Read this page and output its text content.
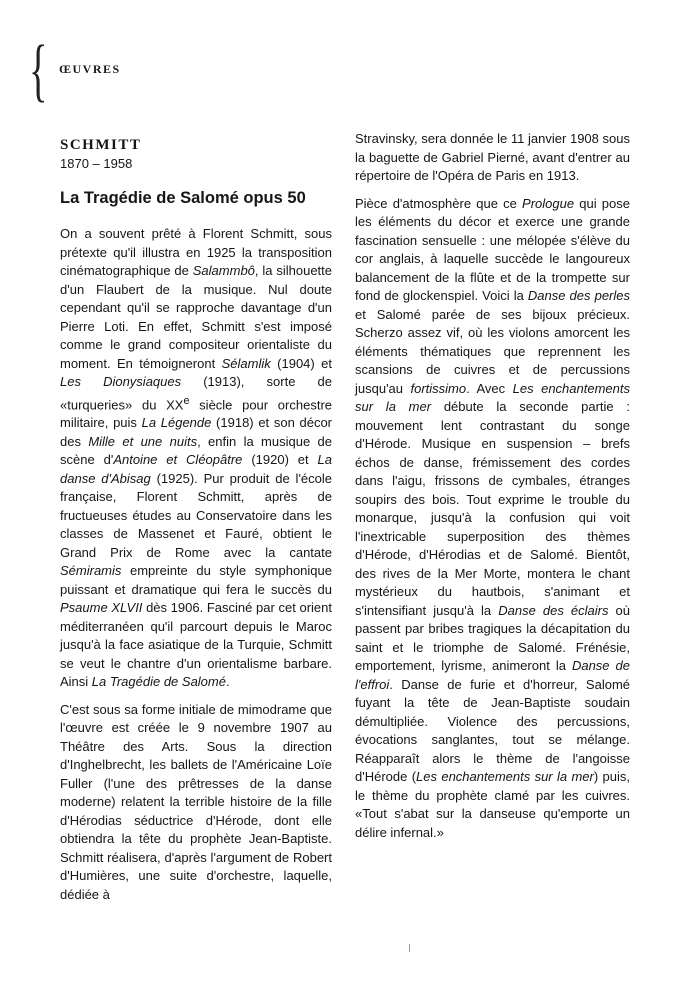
{ ŒUVRES
SCHMITT
1870 – 1958
La Tragédie de Salomé opus 50

On a souvent prêté à Florent Schmitt, sous prétexte qu'il illustra en 1925 la transposition cinématographique de Salammbô, la silhouette d'un Flaubert de la musique. Nul doute cependant qu'il se rapproche davantage d'un Pierre Loti. En effet, Schmitt s'est imposé comme le grand compositeur orientaliste du moment. En témoigneront Sélamlik (1904) et Les Dionysiaques (1913), sorte de «turqueries» du XXe siècle pour orchestre militaire, puis La Légende (1918) et son décor des Mille et une nuits, enfin la musique de scène d'Antoine et Cléopâtre (1920) et La danse d'Abisag (1925). Pur produit de l'école française, Florent Schmitt, après de fructueuses études au Conservatoire dans les classes de Massenet et Fauré, obtient le Grand Prix de Rome avec la cantate Sémiramis empreinte du style symphonique puissant et dramatique qui fera le succès du Psaume XLVII dès 1906. Fasciné par cet orient méditerranéen qu'il parcourt depuis le Maroc jusqu'à la face asiatique de la Turquie, Schmitt se veut le chantre d'un orientalisme barbare. Ainsi La Tragédie de Salomé.

C'est sous sa forme initiale de mimodrame que l'œuvre est créée le 9 novembre 1907 au Théâtre des Arts. Sous la direction d'Inghelbrecht, les ballets de l'Américaine Loïe Fuller (l'une des prêtresses de la danse moderne) relatent la terrible histoire de la fille d'Hérodias séductrice d'Hérode, dont elle obtiendra la tête du prophète Jean-Baptiste. Schmitt réalisera, d'après l'argument de Robert d'Humières, une suite d'orchestre, laquelle, dédiée à

Stravinsky, sera donnée le 11 janvier 1908 sous la baguette de Gabriel Pierné, avant d'entrer au répertoire de l'Opéra de Paris en 1913.

Pièce d'atmosphère que ce Prologue qui pose les éléments du décor et exerce une grande fascination sensuelle : une mélopée s'élève du cor anglais, à laquelle succède le langoureux balancement de la flûte et de la trompette sur fond de glockenspiel. Voici la Danse des perles et Salomé parée de ses bijoux précieux. Scherzo assez vif, où les violons amorcent les éléments thématiques que reprennent les scansions de cuivres et de percussions jusqu'au fortissimo. Avec Les enchantements sur la mer débute la seconde partie : mouvement lent contrastant du songe d'Hérode. Musique en suspension – brefs échos de danse, frémissement des cordes dans l'aigu, frissons de cymbales, étranges soupirs des bois. Tout exprime le trouble du monarque, jusqu'à la confusion qui voit l'inextricable superposition des thèmes d'Hérode, d'Hérodias et de Salomé. Bientôt, des rives de la Mer Morte, montera le chant mystérieux du hautbois, s'animant et s'intensifiant jusqu'à la Danse des éclairs où passent par bribes tragiques la décapitation du saint et le triomphe de Salomé. Frénésie, emportement, lyrisme, animeront la Danse de l'effroi. Danse de furie et d'horreur, Salomé fuyant la tête de Jean-Baptiste soudain démultipliée. Violence des percussions, évocations sanglantes, tout se mélange. Réapparaît alors le thème de l'angoisse d'Hérode (Les enchantements sur la mer) puis, le thème du prophète clamé par les cuivres. «Tout s'abat sur la danseuse qu'emporte un délire infernal.»
